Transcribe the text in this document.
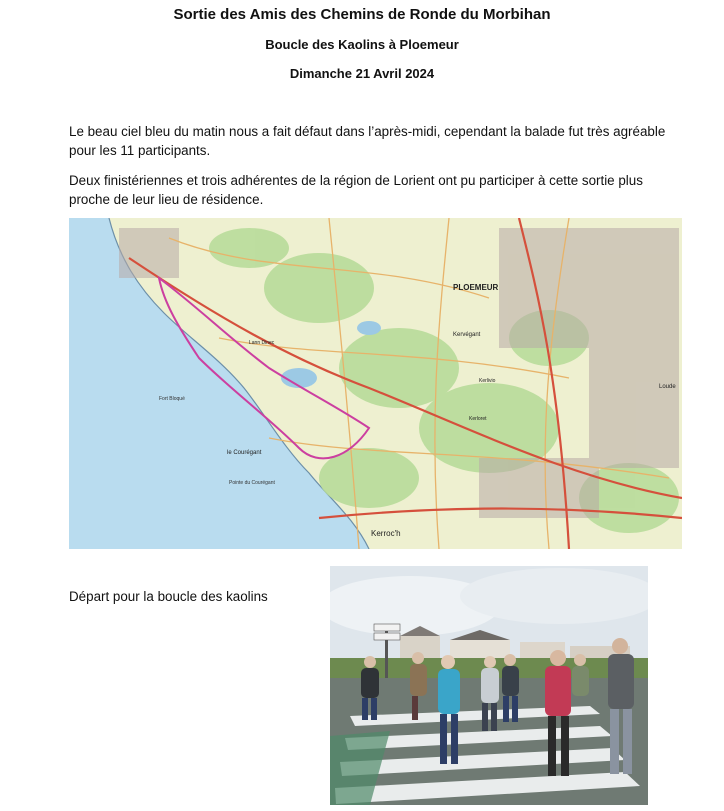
Sortie des Amis des Chemins de Ronde du Morbihan
Boucle des Kaolins à Ploemeur
Dimanche 21 Avril 2024
Le beau ciel bleu du matin nous a fait défaut dans l’après-midi, cependant la balade fut très agréable pour les 11 participants.
Deux finistériennes et trois adhérentes de la région de Lorient ont pu participer à cette sortie plus proche de leur lieu de résidence.
PLOEMEUR
Kerroc'h
le Courégant
Pointe du Courégant
Kervégant
Lann Dinec
Kerlivio
Kerloret
Fort Bloqué
Loude
Départ pour la boucle des kaolins
